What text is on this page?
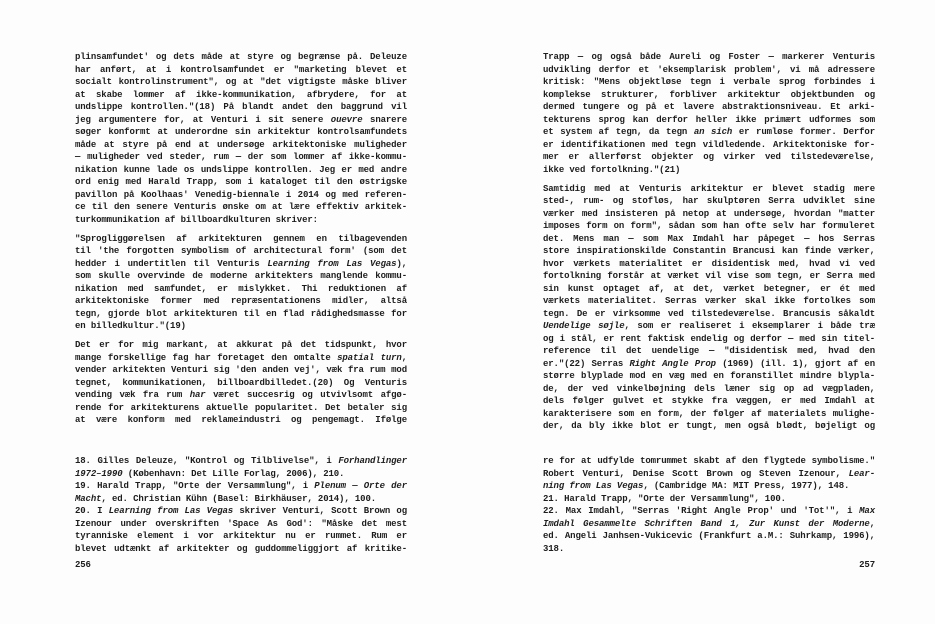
plinsamfundet' og dets måde at styre og begrænse på. Deleuze
har anført, at i kontrolsamfundet er "marketing blevet et
socialt kontrolinstrument", og at "det vigtigste måske bliver
at skabe lommer af ikke-kommunikation, afbrydere, for at
undslippe kontrollen."(18) På blandt andet den baggrund vil
jeg argumentere for, at Venturi i sit senere ouevre snarere
søger konformt at underordne sin arkitektur kontrolsamfundets
måde at styre på end at undersøge arkitektoniske muligheder
— muligheder ved steder, rum — der som lommer af ikke-kommu-
nikation kunne lade os undslippe kontrollen. Jeg er med andre
ord enig med Harald Trapp, som i kataloget til den østrigske
pavillon på Koolhaas' Venedig-biennale i 2014 og med referen-
ce til den senere Venturis ønske om at lære effektiv arkitek-
turkommunikation af billboardkulturen skriver:
"Sprogliggørelsen af arkitekturen gennem en tilbagevenden
til 'the forgotten symbolism of architectural form' (som det
hedder i undertitlen til Venturis Learning from Las Vegas),
som skulle overvinde de moderne arkitekters manglende kommu-
nikation med samfundet, er mislykket. Thi reduktionen af
arkitektoniske former med repræsentationens midler, altså
tegn, gjorde blot arkitekturen til en flad rådighedsmasse for
en billedkultur."(19)
Det er for mig markant, at akkurat på det tidspunkt, hvor
mange forskellige fag har foretaget den omtalte spatial turn,
vender arkitekten Venturi sig 'den anden vej', væk fra rum mod
tegnet, kommunikationen, billboardbilledet.(20) Og Venturis
vending væk fra rum har været succesrig og utvivlsomt afgø-
rende for arkitekturens aktuelle popularitet. Det betaler sig
at være konform med reklameindustri og pengemagt. Ifølge
18. Gilles Deleuze, "Kontrol og Tilblivelse", i Forhandlinger
1972–1990 (København: Det Lille Forlag, 2006), 210.
19. Harald Trapp, "Orte der Versammlung", i Plenum — Orte der
Macht, ed. Christian Kühn (Basel: Birkhäuser, 2014), 100.
20. I Learning from Las Vegas skriver Venturi, Scott Brown og
Izenour under overskriften 'Space As God': "Måske det mest
tyranniske element i vor arkitektur nu er rummet. Rum er
blevet udtænkt af arkitekter og guddommeliggjort af kritike-
256
Trapp — og også både Aureli og Foster — markerer Venturis
udvikling derfor et 'eksemplarisk problem', vi må adressere
kritisk: "Mens objektløse tegn i verbale sprog forbindes i
komplekse strukturer, forbliver arkitektur objektbunden og
dermed tungere og på et lavere abstraktionsniveau. Et arki-
tekturens sprog kan derfor heller ikke primært udformes som
et system af tegn, da tegn an sich er rumløse former. Derfor
er identifikationen med tegn vildledende. Arkitektoniske for-
mer er allerførst objekter og virker ved tilstedeværelse,
ikke ved fortolkning."(21)
Samtidig med at Venturis arkitektur er blevet stadig mere
sted-, rum- og stofløs, har skulptøren Serra udviklet sine
værker med insisteren på netop at undersøge, hvordan "matter
imposes form on form", sådan som han ofte selv har formuleret
det. Mens man — som Max Imdahl har påpeget — hos Serras
store inspirationskilde Constantin Brancusi kan finde værker,
hvor værkets materialitet er disidentisk med, hvad vi ved
fortolkning forstår at værket vil vise som tegn, er Serra med
sin kunst optaget af, at det, værket betegner, er ét med
værkets materialitet. Serras værker skal ikke fortolkes som
tegn. De er virksomme ved tilstedeværelse. Brancusis såkaldt
Uendelige søjle, som er realiseret i eksemplarer i både træ
og i stål, er rent faktisk endelig og derfor — med sin titel-
reference til det uendelige — "disidentisk med, hvad den
er."(22) Serras Right Angle Prop (1969) (ill. 1), gjort af en
større blyplade mod en væg med en foranstillet mindre blypla-
de, der ved vinkelbøjning dels læner sig op ad vægpladen,
dels følger gulvet et stykke fra væggen, er med Imdahl at
karakterisere som en form, der følger af materialets mulighe-
der, da bly ikke blot er tungt, men også blødt, bøjeligt og
re for at udfylde tomrummet skabt af den flygtede symbolisme."
Robert Venturi, Denise Scott Brown og Steven Izenour, Lear-
ning from Las Vegas, (Cambridge MA: MIT Press, 1977), 148.
21. Harald Trapp, "Orte der Versammlung", 100.
22. Max Imdahl, "Serras 'Right Angle Prop' und 'Tot'", i Max
Imdahl Gesammelte Schriften Band 1, Zur Kunst der Moderne,
ed. Angeli Janhsen-Vukicevic (Frankfurt a.M.: Suhrkamp, 1996),
318.
257
